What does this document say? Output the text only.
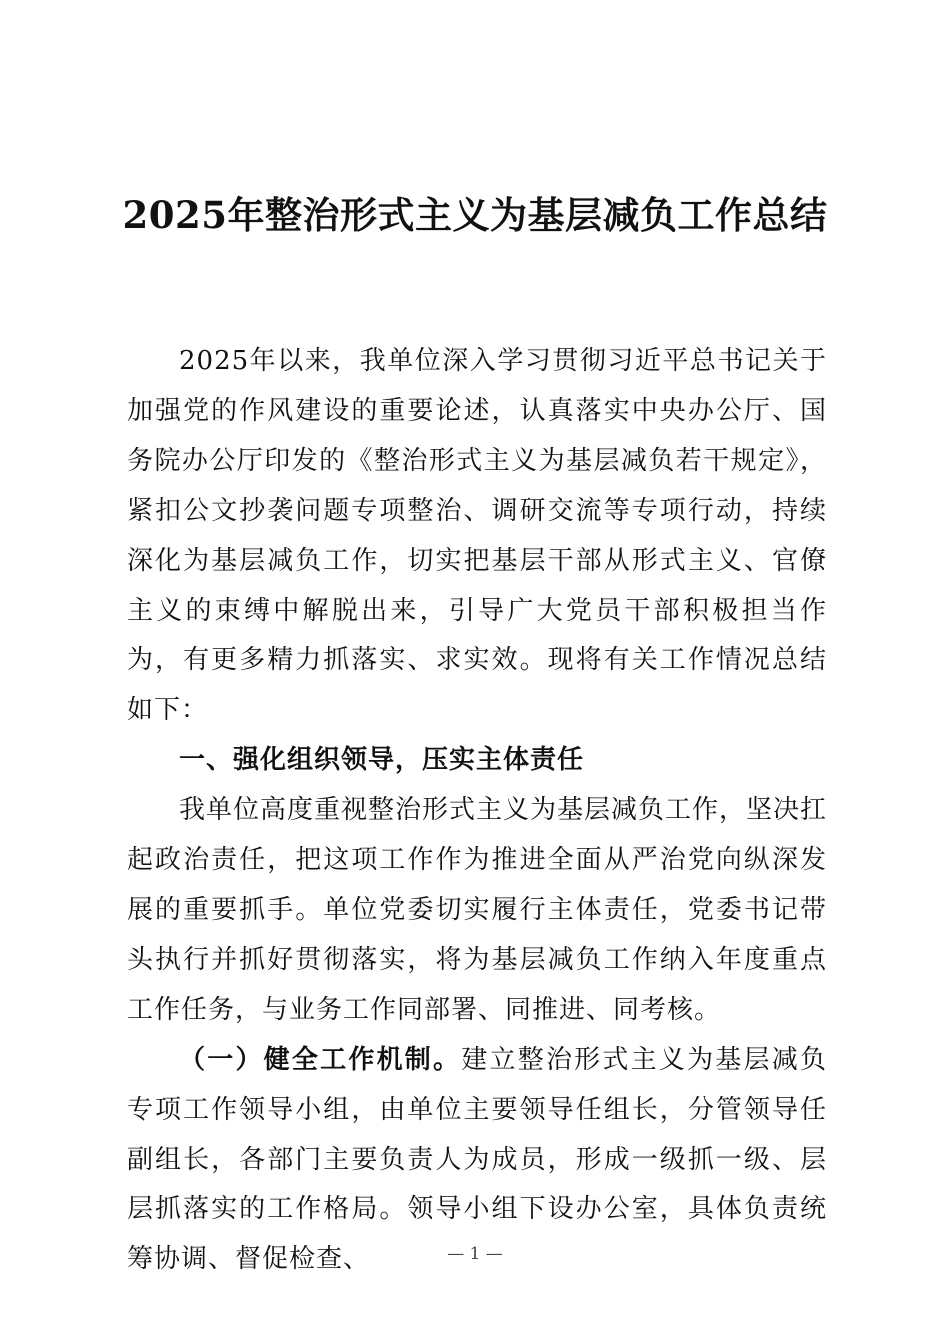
2025年整治形式主义为基层减负工作总结

2025年以来，我单位深入学习贯彻习近平总书记关于加强党的作风建设的重要论述，认真落实中央办公厅、国务院办公厅印发的《整治形式主义为基层减负若干规定》，紧扣公文抄袭问题专项整治、调研交流等专项行动，持续深化为基层减负工作，切实把基层干部从形式主义、官僚主义的束缚中解脱出来，引导广大党员干部积极担当作为，有更多精力抓落实、求实效。现将有关工作情况总结如下：

一、强化组织领导，压实主体责任

我单位高度重视整治形式主义为基层减负工作，坚决扛起政治责任，把这项工作作为推进全面从严治党向纵深发展的重要抓手。单位党委切实履行主体责任，党委书记带头执行并抓好贯彻落实，将为基层减负工作纳入年度重点工作任务，与业务工作同部署、同推进、同考核。

（一）健全工作机制。建立整治形式主义为基层减负专项工作领导小组，由单位主要领导任组长，分管领导任副组长，各部门主要负责人为成员，形成一级抓一级、层层抓落实的工作格局。领导小组下设办公室，具体负责统筹协调、督促检查、	— 1 —
